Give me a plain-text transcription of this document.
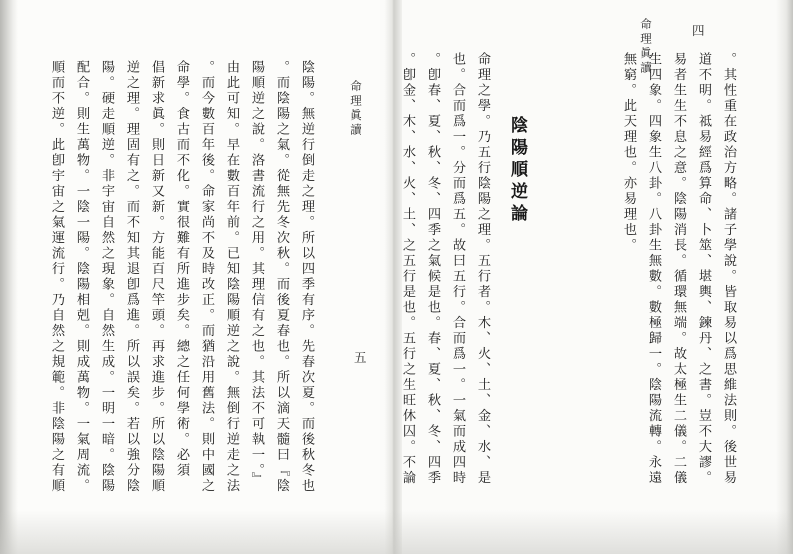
命理眞讀
五
陰陽。無逆行倒走之理。所以四季有序。先春次夏。而後秋冬也
。而陰陽之氣。從無先冬次秋。而後夏春也。所以滴天髓曰『陰
陽順逆之說。洛書流行之用。其理信有之也。其法不可執一。』
由此可知。早在數百年前。已知陰陽順逆之說。無倒行逆走之法
。而今數百年後。命家尚不及時改正。而猶沿用舊法。則中國之
命學。食古而不化。實很難有所進步矣。總之任何學術。必須
倡新求眞。則日新又新。方能百尺竿頭。再求進步。所以陰陽順
逆之理。理固有之。而不知其退卽爲進。所以誤矣。若以強分陰
陽。硬走順逆。非宇宙自然之現象。自然生成。一明一暗。陰陽
配合。則生萬物。一陰一陽。陰陽相剋。則成萬物。一氣周流。
順而不逆。此卽宇宙之氣運流行。乃自然之規範。非陰陽之有順
命理眞讀	四
。其性重在政治方略。諸子學說。皆取易以爲思維法則。後世易
道不明。祗易經爲算命、卜筮、堪輿、鍊丹、之書。豈不大謬。
易者生生不息之意。陰陽消長。循環無端。故太極生二儀。二儀
生四象。四象生八卦。八卦生無數。數極歸一。陰陽流轉。永遠
無窮。此天理也。亦易理也。
陰陽順逆論
命理之學。乃五行陰陽之理。五行者。木、火、土、金、水、是
也。合而爲一。分而爲五。故曰五行。合而爲一。一氣而成四時
。卽春、夏、秋、冬、四季之氣候是也。春、夏、秋、冬、四季
。卽金、木、水、火、土、之五行是也。五行之生旺休囚。不論
